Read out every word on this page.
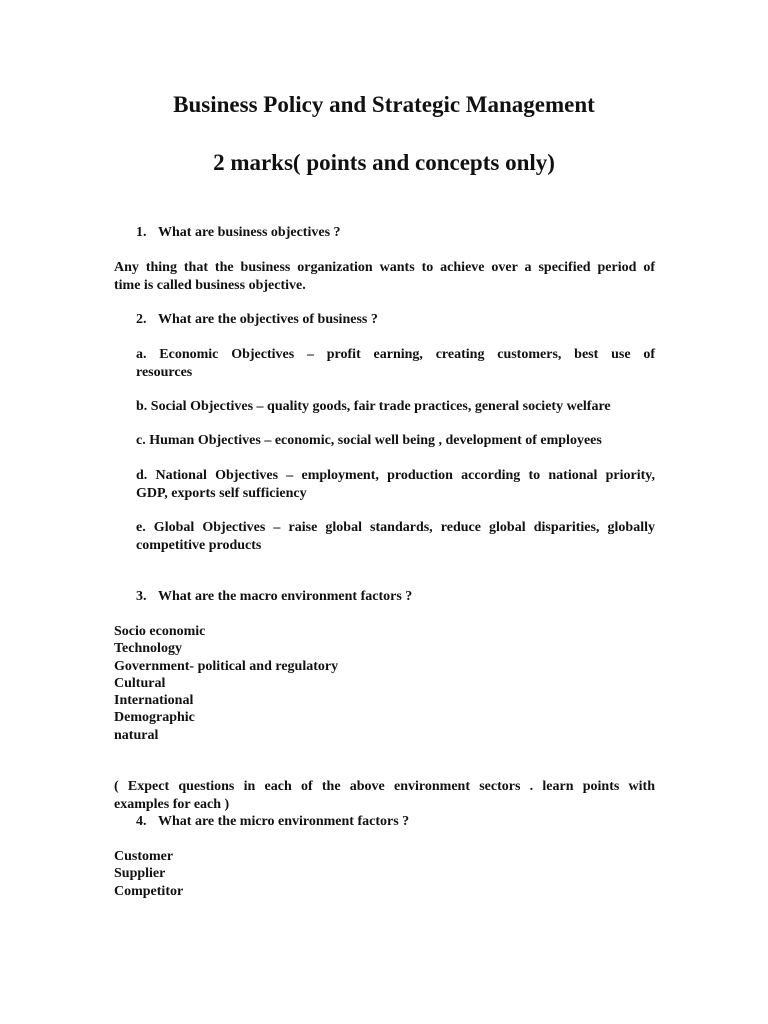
Business Policy and Strategic Management
2 marks( points and concepts only)

1. What are business objectives ?

Any thing that the business organization wants to achieve over a specified period of
time is called business objective.

2. What are the objectives of business ?

a. Economic Objectives – profit earning, creating customers, best use of
resources

b. Social Objectives – quality goods, fair trade practices, general society welfare

c. Human Objectives – economic, social well being , development of employees

d. National Objectives – employment, production according to national priority,
GDP, exports self sufficiency

e. Global Objectives – raise global standards, reduce global disparities, globally
competitive products

3. What are the macro environment factors ?

Socio economic
Technology
Government- political and regulatory
Cultural
International
Demographic
natural

( Expect questions in each of the above environment sectors . learn points with
examples for each )

4. What are the micro environment factors ?

Customer
Supplier
Competitor
